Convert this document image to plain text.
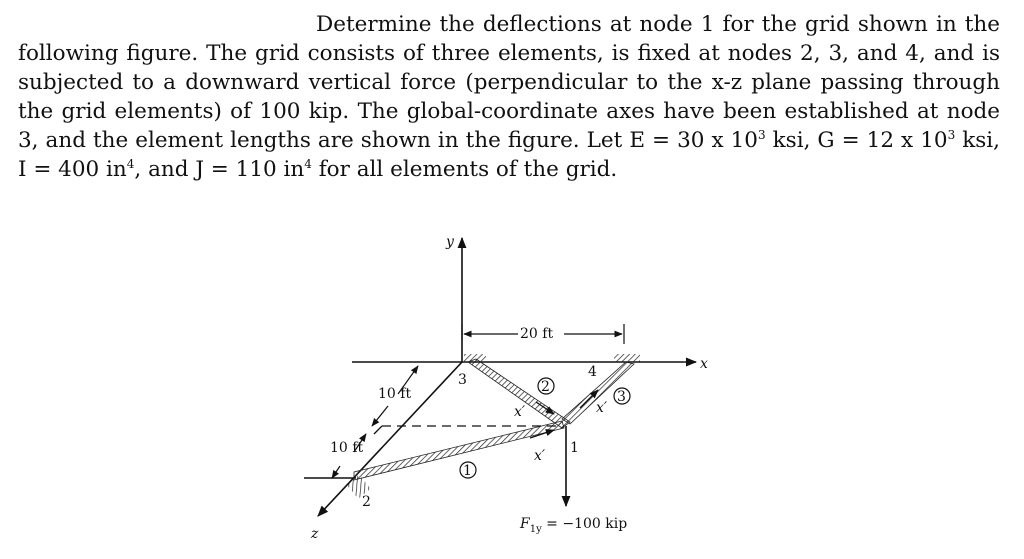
Determine the deflections at node 1 for the grid shown in the following figure. The grid consists of three elements, is fixed at nodes 2, 3, and 4, and is subjected to a downward vertical force (perpendicular to the x-z plane passing through the grid elements) of 100 kip. The global-coordinate axes have been established at node 3, and the element lengths are shown in the figure. Let E = 30 x $10^3$ ksi, G = 12 x $10^3$ ksi, I = 400 $in^4$, and J = 110 $in^4$ for all elements of the grid.

y
x
z
20 ft
10 ft
10 ft
3	4
1
2
2
3
1
x′	x′
x′
$F_{1y} = -100$ kip
